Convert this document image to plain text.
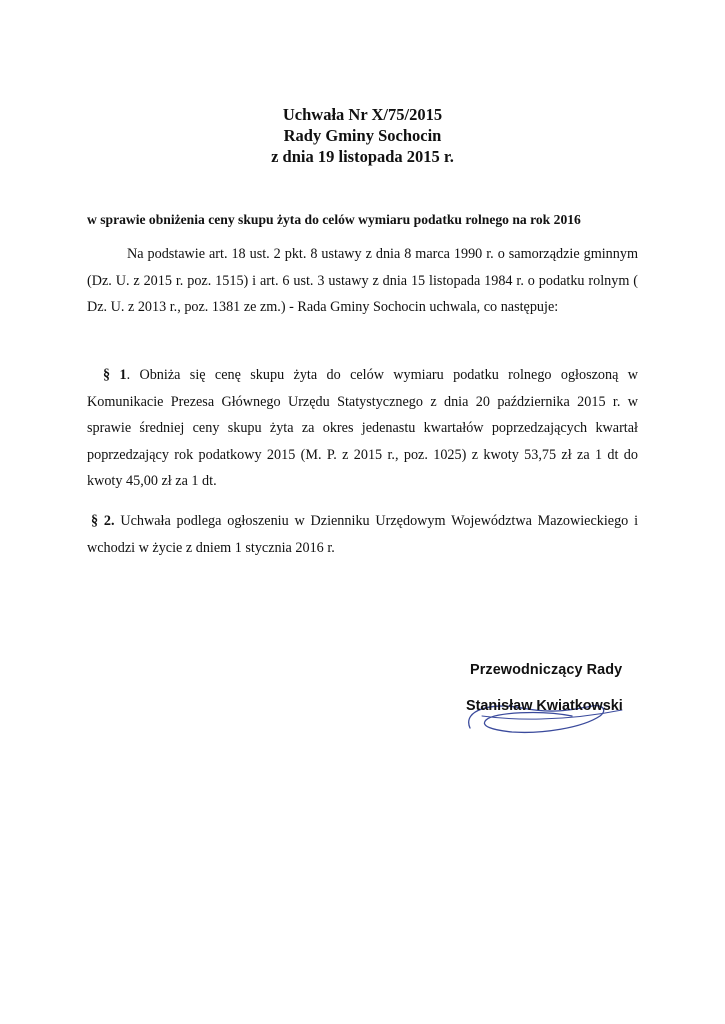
Uchwała Nr X/75/2015
Rady Gminy Sochocin
z dnia 19 listopada 2015 r.
w sprawie obniżenia ceny skupu żyta do celów wymiaru podatku rolnego na rok 2016
Na podstawie art. 18 ust. 2 pkt. 8 ustawy z dnia 8 marca 1990 r. o samorządzie gminnym (Dz. U. z 2015 r. poz. 1515) i art. 6 ust. 3 ustawy z dnia 15 listopada 1984 r. o podatku rolnym ( Dz. U. z 2013 r., poz. 1381 ze zm.) - Rada Gminy Sochocin uchwala, co następuje:
§ 1. Obniża się cenę skupu żyta do celów wymiaru podatku rolnego ogłoszoną w Komunikacie Prezesa Głównego Urzędu Statystycznego z dnia 20 października 2015 r. w sprawie średniej ceny skupu żyta za okres jedenastu kwartałów poprzedzających kwartał poprzedzający rok podatkowy 2015 (M. P. z 2015 r., poz. 1025) z kwoty 53,75 zł za 1 dt do kwoty 45,00 zł za 1 dt.
§ 2. Uchwała podlega ogłoszeniu w Dzienniku Urzędowym Województwa Mazowieckiego i wchodzi w życie z dniem 1 stycznia 2016 r.
Przewodniczący Rady
Stanisław Kwiatkowski
